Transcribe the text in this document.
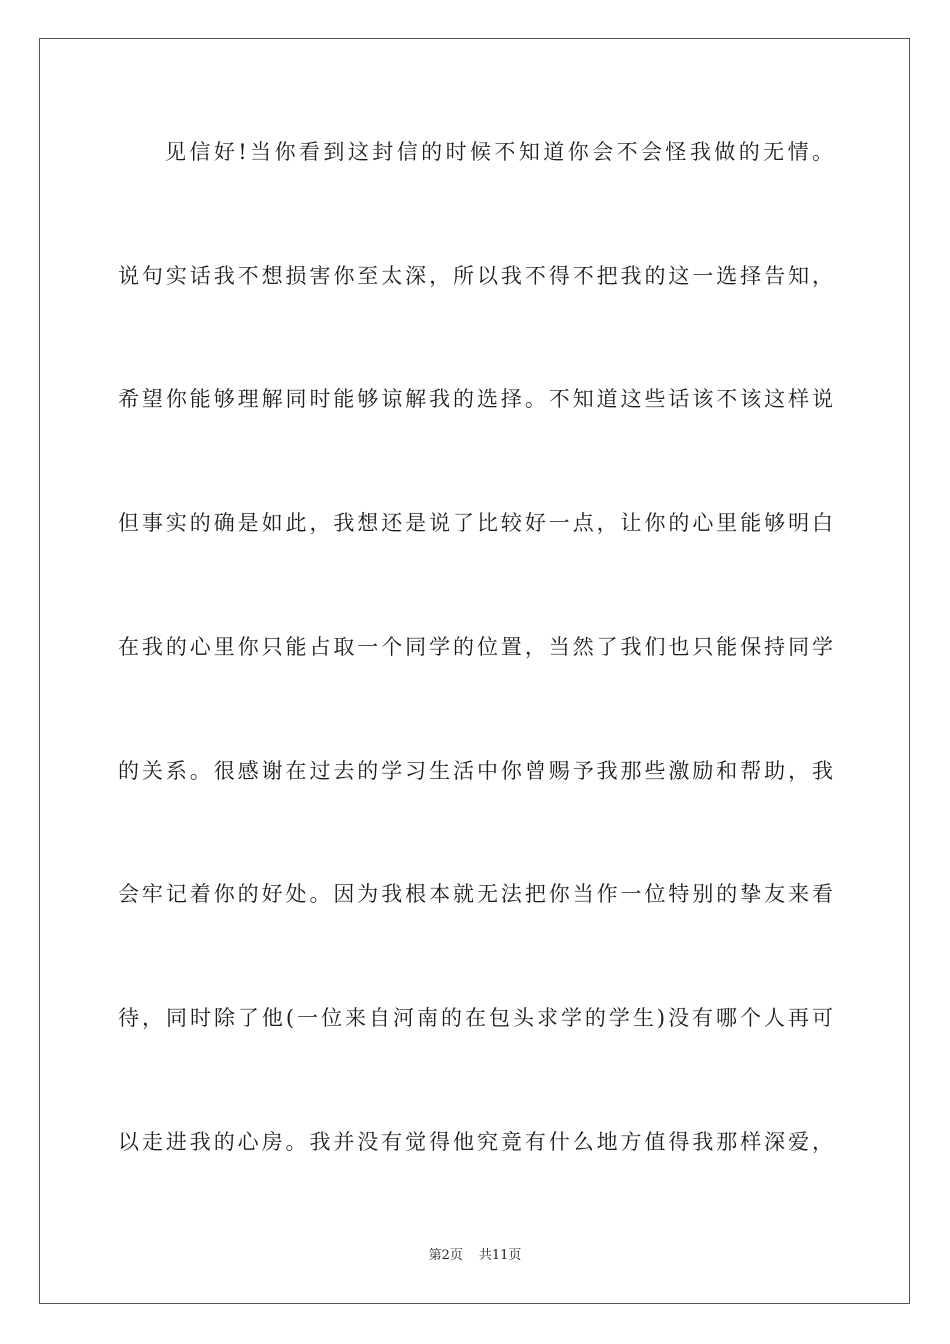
见信好!当你看到这封信的时候不知道你会不会怪我做的无情。
说句实话我不想损害你至太深，所以我不得不把我的这一选择告知，
希望你能够理解同时能够谅解我的选择。不知道这些话该不该这样说
但事实的确是如此，我想还是说了比较好一点，让你的心里能够明白
在我的心里你只能占取一个同学的位置，当然了我们也只能保持同学
的关系。很感谢在过去的学习生活中你曾赐予我那些激励和帮助，我
会牢记着你的好处。因为我根本就无法把你当作一位特别的挚友来看
待，同时除了他(一位来自河南的在包头求学的学生)没有哪个人再可
以走进我的心房。我并没有觉得他究竟有什么地方值得我那样深爱，
第2页 共11页
